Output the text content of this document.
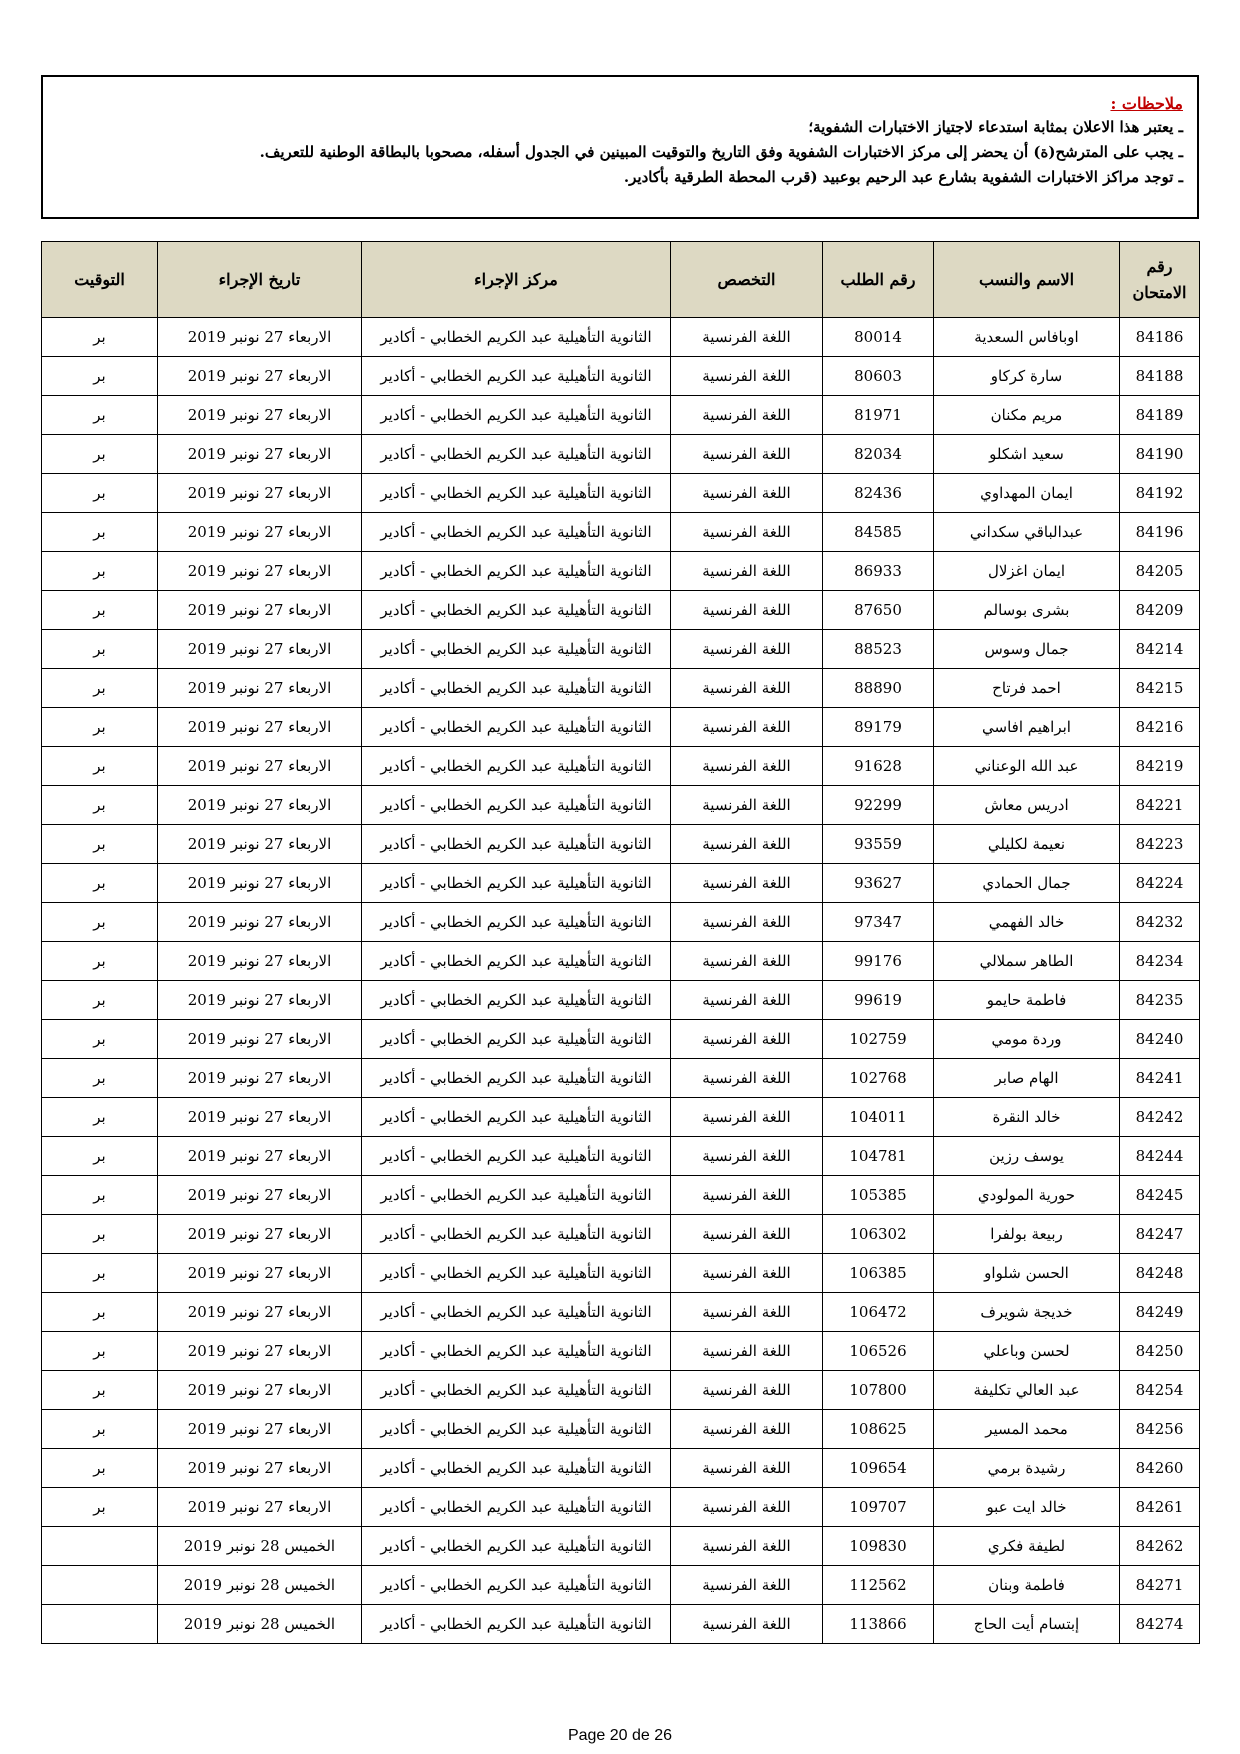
ملاحظات :
ـ يعتبر هذا الاعلان بمثابة استدعاء لاجتياز الاختبارات الشفوية؛
ـ يجب على المترشح(ة) أن يحضر إلى مركز الاختبارات الشفوية وفق التاريخ والتوقيت المبينين في الجدول أسفله، مصحوبا بالبطاقة الوطنية للتعريف.
ـ توجد مراكز الاختبارات الشفوية بشارع عبد الرحيم بوعبيد (قرب المحطة الطرقية بأكادير.
رقم الامتحان	الاسم والنسب	رقم الطلب	التخصص	مركز الإجراء	تاريخ الإجراء	التوقيت
84186	اوبافاس السعدية	80014	اللغة الفرنسية	الثانوية التأهيلية عبد الكريم الخطابي - أكادير	الاربعاء 27 نونبر 2019	بر
84188	سارة كركاو	80603	اللغة الفرنسية	الثانوية التأهيلية عبد الكريم الخطابي - أكادير	الاربعاء 27 نونبر 2019	بر
84189	مريم مكنان	81971	اللغة الفرنسية	الثانوية التأهيلية عبد الكريم الخطابي - أكادير	الاربعاء 27 نونبر 2019	بر
84190	سعيد اشكلو	82034	اللغة الفرنسية	الثانوية التأهيلية عبد الكريم الخطابي - أكادير	الاربعاء 27 نونبر 2019	بر
84192	ايمان المهداوي	82436	اللغة الفرنسية	الثانوية التأهيلية عبد الكريم الخطابي - أكادير	الاربعاء 27 نونبر 2019	بر
84196	عبدالباقي سكداني	84585	اللغة الفرنسية	الثانوية التأهيلية عبد الكريم الخطابي - أكادير	الاربعاء 27 نونبر 2019	بر
84205	ايمان اغزلال	86933	اللغة الفرنسية	الثانوية التأهيلية عبد الكريم الخطابي - أكادير	الاربعاء 27 نونبر 2019	بر
84209	بشرى بوسالم	87650	اللغة الفرنسية	الثانوية التأهيلية عبد الكريم الخطابي - أكادير	الاربعاء 27 نونبر 2019	بر
84214	جمال وسوس	88523	اللغة الفرنسية	الثانوية التأهيلية عبد الكريم الخطابي - أكادير	الاربعاء 27 نونبر 2019	بر
84215	احمد فرتاح	88890	اللغة الفرنسية	الثانوية التأهيلية عبد الكريم الخطابي - أكادير	الاربعاء 27 نونبر 2019	بر
84216	ابراهيم افاسي	89179	اللغة الفرنسية	الثانوية التأهيلية عبد الكريم الخطابي - أكادير	الاربعاء 27 نونبر 2019	بر
84219	عبد الله الوعناني	91628	اللغة الفرنسية	الثانوية التأهيلية عبد الكريم الخطابي - أكادير	الاربعاء 27 نونبر 2019	بر
84221	ادريس معاش	92299	اللغة الفرنسية	الثانوية التأهيلية عبد الكريم الخطابي - أكادير	الاربعاء 27 نونبر 2019	بر
84223	نعيمة لكليلي	93559	اللغة الفرنسية	الثانوية التأهيلية عبد الكريم الخطابي - أكادير	الاربعاء 27 نونبر 2019	بر
84224	جمال الحمادي	93627	اللغة الفرنسية	الثانوية التأهيلية عبد الكريم الخطابي - أكادير	الاربعاء 27 نونبر 2019	بر
84232	خالد الفهمي	97347	اللغة الفرنسية	الثانوية التأهيلية عبد الكريم الخطابي - أكادير	الاربعاء 27 نونبر 2019	بر
84234	الطاهر سملالي	99176	اللغة الفرنسية	الثانوية التأهيلية عبد الكريم الخطابي - أكادير	الاربعاء 27 نونبر 2019	بر
84235	فاطمة حايمو	99619	اللغة الفرنسية	الثانوية التأهيلية عبد الكريم الخطابي - أكادير	الاربعاء 27 نونبر 2019	بر
84240	وردة مومي	102759	اللغة الفرنسية	الثانوية التأهيلية عبد الكريم الخطابي - أكادير	الاربعاء 27 نونبر 2019	بر
84241	الهام صابر	102768	اللغة الفرنسية	الثانوية التأهيلية عبد الكريم الخطابي - أكادير	الاربعاء 27 نونبر 2019	بر
84242	خالد النقرة	104011	اللغة الفرنسية	الثانوية التأهيلية عبد الكريم الخطابي - أكادير	الاربعاء 27 نونبر 2019	بر
84244	يوسف رزين	104781	اللغة الفرنسية	الثانوية التأهيلية عبد الكريم الخطابي - أكادير	الاربعاء 27 نونبر 2019	بر
84245	حورية المولودي	105385	اللغة الفرنسية	الثانوية التأهيلية عبد الكريم الخطابي - أكادير	الاربعاء 27 نونبر 2019	بر
84247	ربيعة بولفرا	106302	اللغة الفرنسية	الثانوية التأهيلية عبد الكريم الخطابي - أكادير	الاربعاء 27 نونبر 2019	بر
84248	الحسن شلواو	106385	اللغة الفرنسية	الثانوية التأهيلية عبد الكريم الخطابي - أكادير	الاربعاء 27 نونبر 2019	بر
84249	خديجة شويرف	106472	اللغة الفرنسية	الثانوية التأهيلية عبد الكريم الخطابي - أكادير	الاربعاء 27 نونبر 2019	بر
84250	لحسن وباعلي	106526	اللغة الفرنسية	الثانوية التأهيلية عبد الكريم الخطابي - أكادير	الاربعاء 27 نونبر 2019	بر
84254	عبد العالي تكليفة	107800	اللغة الفرنسية	الثانوية التأهيلية عبد الكريم الخطابي - أكادير	الاربعاء 27 نونبر 2019	بر
84256	محمد المسير	108625	اللغة الفرنسية	الثانوية التأهيلية عبد الكريم الخطابي - أكادير	الاربعاء 27 نونبر 2019	بر
84260	رشيدة برمي	109654	اللغة الفرنسية	الثانوية التأهيلية عبد الكريم الخطابي - أكادير	الاربعاء 27 نونبر 2019	بر
84261	خالد ايت عبو	109707	اللغة الفرنسية	الثانوية التأهيلية عبد الكريم الخطابي - أكادير	الاربعاء 27 نونبر 2019	بر
84262	لطيفة فكري	109830	اللغة الفرنسية	الثانوية التأهيلية عبد الكريم الخطابي - أكادير	الخميس 28 نونبر 2019	
84271	فاطمة وبنان	112562	اللغة الفرنسية	الثانوية التأهيلية عبد الكريم الخطابي - أكادير	الخميس 28 نونبر 2019	
84274	إبتسام أيت الحاج	113866	اللغة الفرنسية	الثانوية التأهيلية عبد الكريم الخطابي - أكادير	الخميس 28 نونبر 2019	
Page 20 de 26
